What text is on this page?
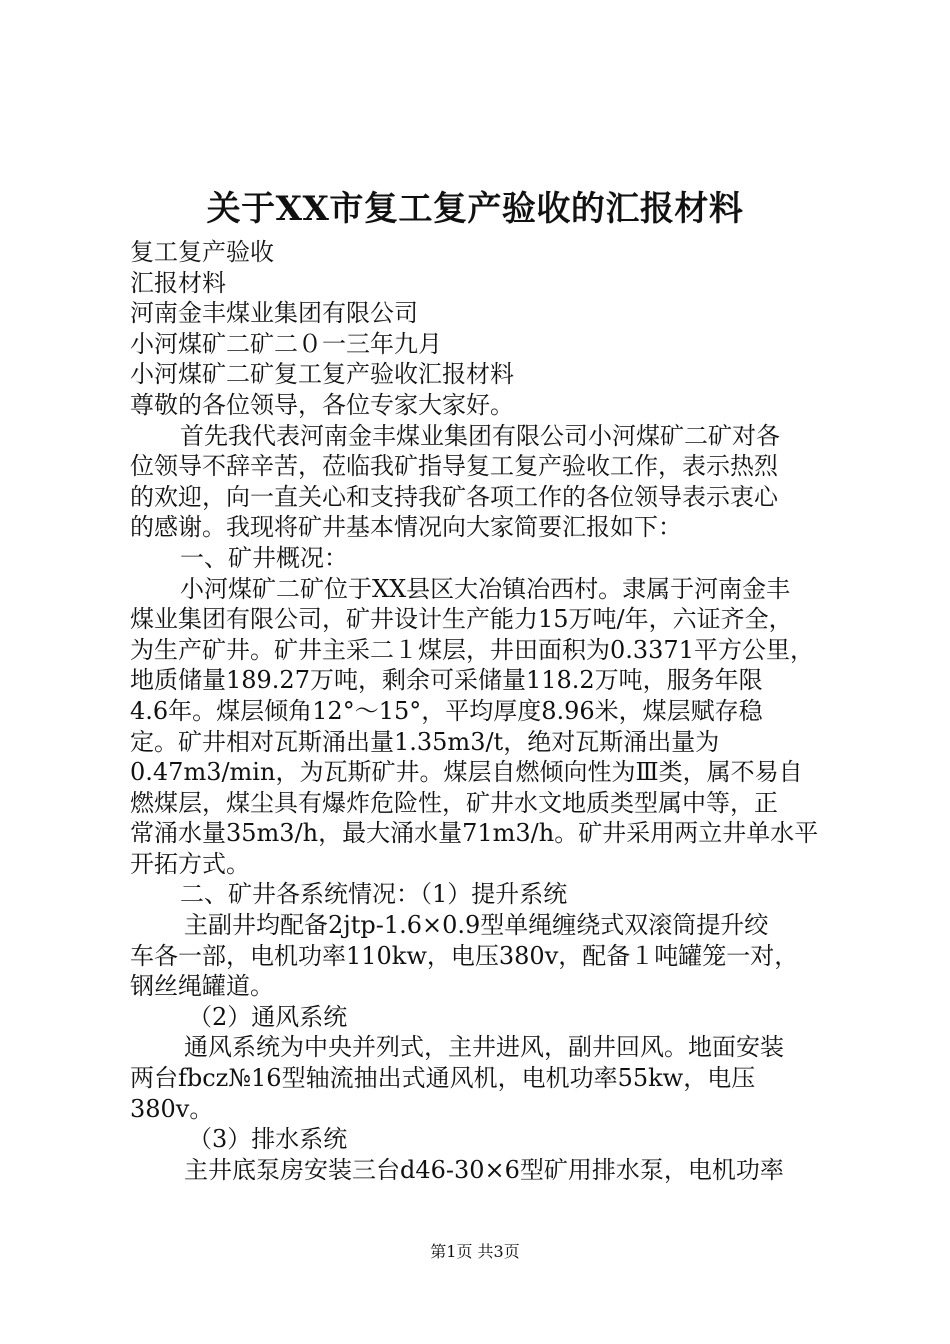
关于XX市复工复产验收的汇报材料
复工复产验收
汇报材料
河南金丰煤业集团有限公司
小河煤矿二矿二０一三年九月
小河煤矿二矿复工复产验收汇报材料
尊敬的各位领导，各位专家大家好。
首先我代表河南金丰煤业集团有限公司小河煤矿二矿对各
位领导不辞辛苦，莅临我矿指导复工复产验收工作，表示热烈
的欢迎，向一直关心和支持我矿各项工作的各位领导表示衷心
的感谢。我现将矿井基本情况向大家简要汇报如下：
一、矿井概况：
小河煤矿二矿位于XX县区大冶镇冶西村。隶属于河南金丰
煤业集团有限公司，矿井设计生产能力15万吨/年，六证齐全，
为生产矿井。矿井主采二１煤层，井田面积为0.3371平方公里，
地质储量189.27万吨，剩余可采储量118.2万吨，服务年限
4.6年。煤层倾角12°～15°，平均厚度8.96米，煤层赋存稳
定。矿井相对瓦斯涌出量1.35m3/t，绝对瓦斯涌出量为
0.47m3/min，为瓦斯矿井。煤层自燃倾向性为Ⅲ类，属不易自
燃煤层，煤尘具有爆炸危险性，矿井水文地质类型属中等，正
常涌水量35m3/h，最大涌水量71m3/h。矿井采用两立井单水平
开拓方式。
二、矿井各系统情况：（1）提升系统
主副井均配备2jtp-1.6×0.9型单绳缠绕式双滚筒提升绞
车各一部，电机功率110kw，电压380v，配备１吨罐笼一对，
钢丝绳罐道。
（2）通风系统
通风系统为中央并列式，主井进风，副井回风。地面安装
两台fbcz№16型轴流抽出式通风机，电机功率55kw，电压
380v。
（3）排水系统
主井底泵房安装三台d46-30×6型矿用排水泵，电机功率
第1页 共3页
